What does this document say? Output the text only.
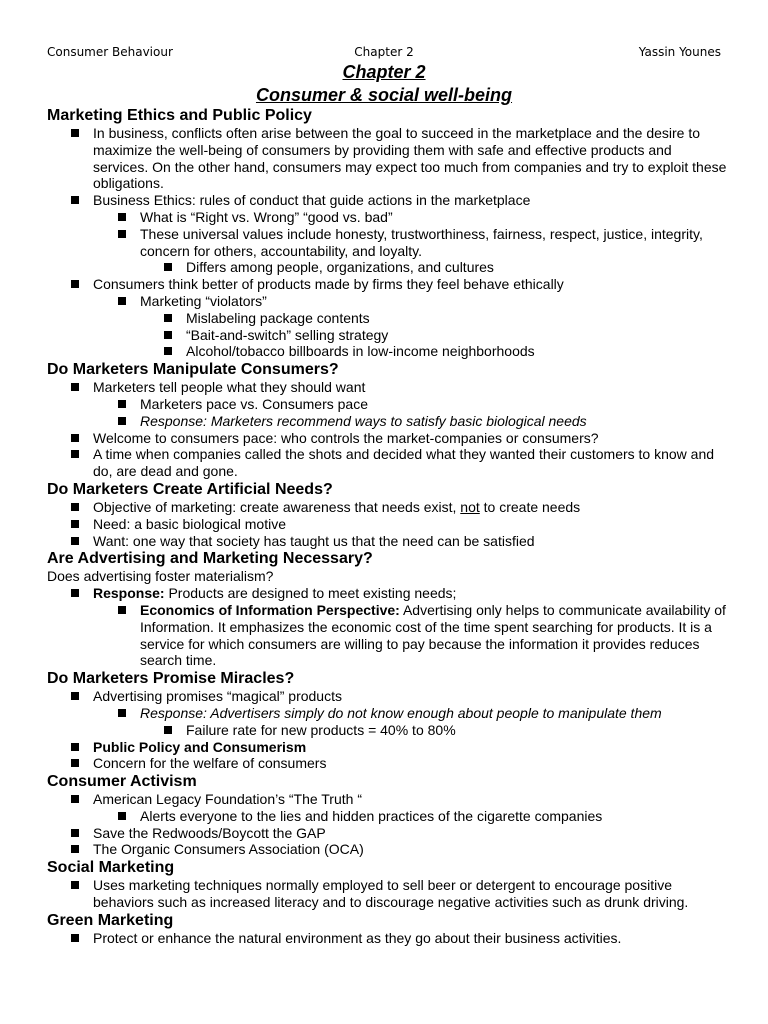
Consumer Behaviour	Chapter 2	Yassin Younes
Chapter 2
Consumer & social well-being
Marketing Ethics and Public Policy
In business, conflicts often arise between the goal to succeed in the marketplace and the desire to maximize the well-being of consumers by providing them with safe and effective products and services. On the other hand, consumers may expect too much from companies and try to exploit these obligations.
Business Ethics: rules of conduct that guide actions in the marketplace
What is “Right vs. Wrong” “good vs. bad”
These universal values include honesty, trustworthiness, fairness, respect, justice, integrity, concern for others, accountability, and loyalty.
Differs among people, organizations, and cultures
Consumers think better of products made by firms they feel behave ethically
Marketing “violators”
Mislabeling package contents
“Bait-and-switch” selling strategy
Alcohol/tobacco billboards in low-income neighborhoods
Do Marketers Manipulate Consumers?
Marketers tell people what they should want
Marketers pace vs. Consumers pace
Response: Marketers recommend ways to satisfy basic biological needs
Welcome to consumers pace: who controls the market-companies or consumers?
A time when companies called the shots and decided what they wanted their customers to know and do, are dead and gone.
Do Marketers Create Artificial Needs?
Objective of marketing: create awareness that needs exist, not to create needs
Need: a basic biological motive
Want: one way that society has taught us that the need can be satisfied
Are Advertising and Marketing Necessary?

Does advertising foster materialism?

Response: Products are designed to meet existing needs;
Economics of Information Perspective: Advertising only helps to communicate availability of Information. It emphasizes the economic cost of the time spent searching for products. It is a service for which consumers are willing to pay because the information it provides reduces search time.
Do Marketers Promise Miracles?
Advertising promises “magical” products
Response: Advertisers simply do not know enough about people to manipulate them
Failure rate for new products = 40% to 80%
Public Policy and Consumerism
Concern for the welfare of consumers
Consumer Activism
American Legacy Foundation’s “The Truth “
Alerts everyone to the lies and hidden practices of the cigarette companies
Save the Redwoods/Boycott the GAP
The Organic Consumers Association (OCA)
Social Marketing
Uses marketing techniques normally employed to sell beer or detergent to encourage positive behaviors such as increased literacy and to discourage negative activities such as drunk driving.
Green Marketing
Protect or enhance the natural environment as they go about their business activities.
